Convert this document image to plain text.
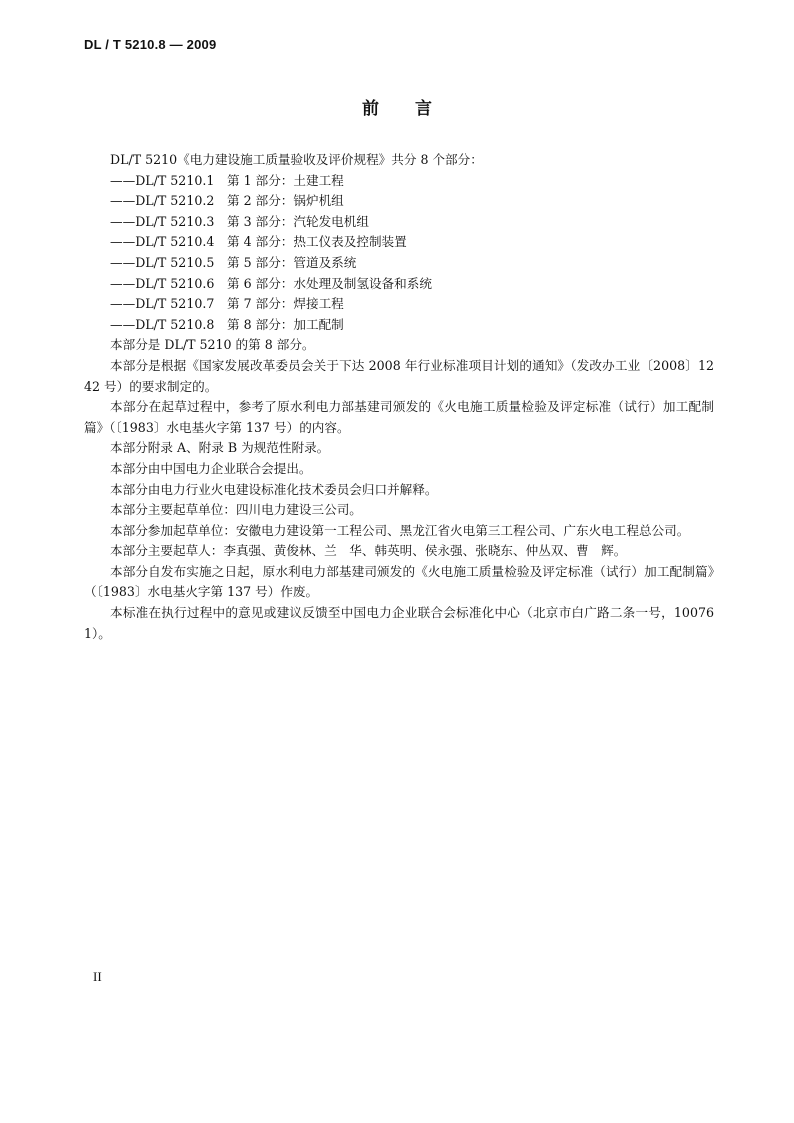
DL / T 5210.8 — 2009
前言

DL/T 5210《电力建设施工质量验收及评价规程》共分 8 个部分：

——DL/T 5210.1	第 1 部分：土建工程
——DL/T 5210.2	第 2 部分：锅炉机组
——DL/T 5210.3	第 3 部分：汽轮发电机组
——DL/T 5210.4	第 4 部分：热工仪表及控制装置
——DL/T 5210.5	第 5 部分：管道及系统
——DL/T 5210.6	第 6 部分：水处理及制氢设备和系统
——DL/T 5210.7	第 7 部分：焊接工程
——DL/T 5210.8	第 8 部分：加工配制

本部分是 DL/T 5210 的第 8 部分。

本部分是根据《国家发展改革委员会关于下达 2008 年行业标准项目计划的通知》（发改办工业〔2008〕1242 号）的要求制定的。

本部分在起草过程中，参考了原水利电力部基建司颁发的《火电施工质量检验及评定标准（试行）加工配制篇》（〔1983〕水电基火字第 137 号）的内容。

本部分附录 A、附录 B 为规范性附录。

本部分由中国电力企业联合会提出。

本部分由电力行业火电建设标准化技术委员会归口并解释。

本部分主要起草单位：四川电力建设三公司。

本部分参加起草单位：安徽电力建设第一工程公司、黑龙江省火电第三工程公司、广东火电工程总公司。

本部分主要起草人：李真强、黄俊林、兰　华、韩英明、侯永强、张晓东、仲丛双、曹　辉。

本部分自发布实施之日起，原水利电力部基建司颁发的《火电施工质量检验及评定标准（试行）加工配制篇》（〔1983〕水电基火字第 137 号）作废。

本标准在执行过程中的意见或建议反馈至中国电力企业联合会标准化中心（北京市白广路二条一号，100761）。

II
